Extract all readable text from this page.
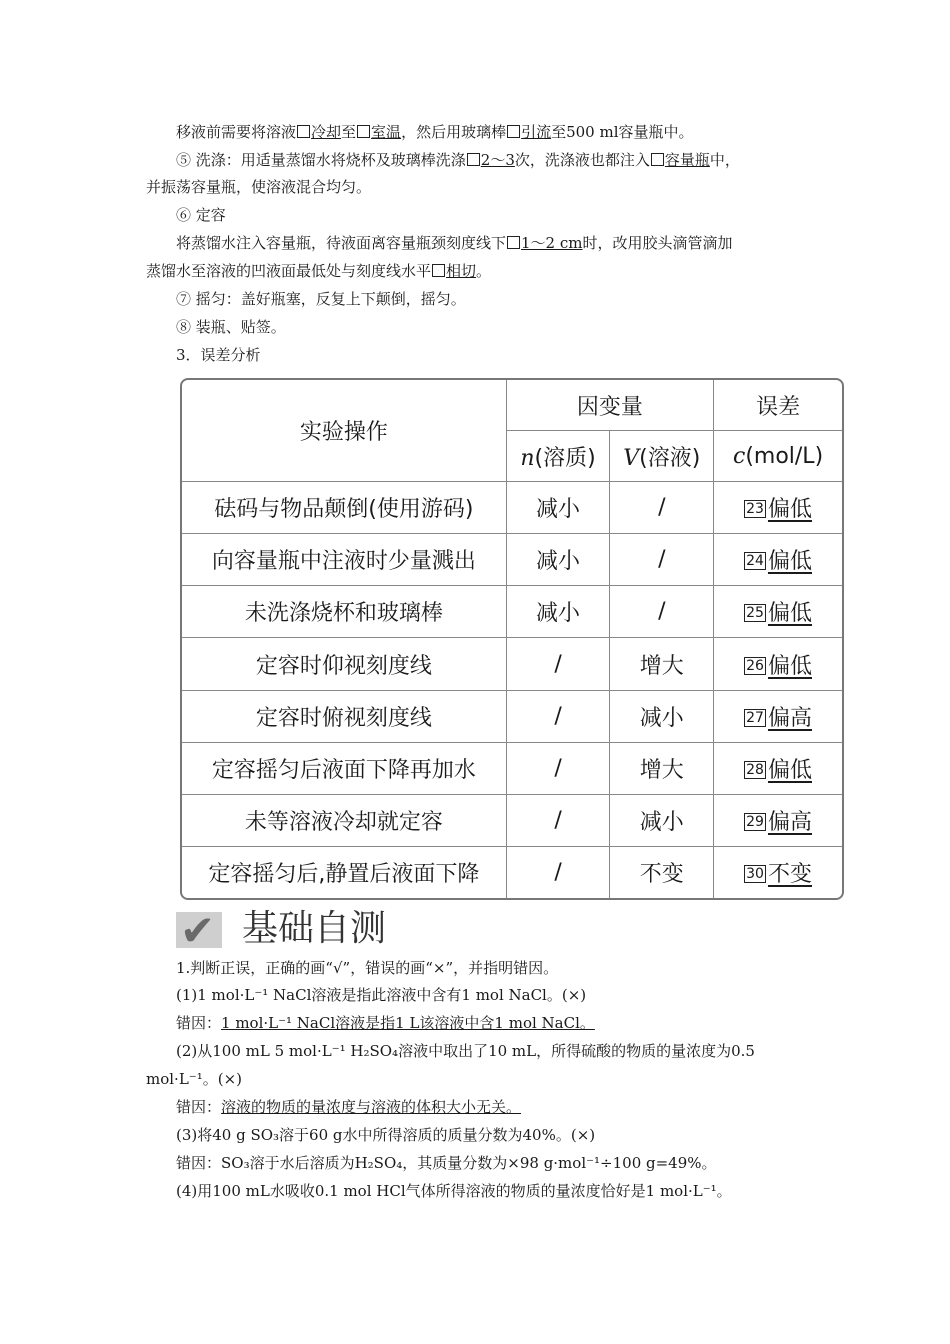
移液前需要将溶液 冷却至 室温，然后用玻璃棒 引流至500 ml容量瓶中。
⑤ 洗涤：用适量蒸馏水将烧杯及玻璃棒洗涤 2～3次，洗涤液也都注入 容量瓶中，
并振荡容量瓶，使溶液混合均匀。
⑥ 定容
将蒸馏水注入容量瓶，待液面离容量瓶颈刻度线下 1～2 cm时，改用胶头滴管滴加
蒸馏水至溶液的凹液面最低处与刻度线水平 相切。
⑦ 摇匀：盖好瓶塞，反复上下颠倒，摇匀。
⑧ 装瓶、贴签。
3．误差分析
实验操作	因变量		误差
	n(溶质)	V(溶液)	c(mol/L)
砝码与物品颠倒(使用游码)	减小	/	23 偏低
向容量瓶中注液时少量溅出	减小	/	24 偏低
未洗涤烧杯和玻璃棒	减小	/	25 偏低
定容时仰视刻度线	/	增大	26 偏低
定容时俯视刻度线	/	减小	27 偏高
定容摇匀后液面下降再加水	/	增大	28 偏低
未等溶液冷却就定容	/	减小	29 偏高
定容摇匀后,静置后液面下降	/	不变	30 不变
✔ 基础自测
1.判断正误，正确的画“√”，错误的画“×”，并指明错因。
(1)1 mol·L⁻¹ NaCl溶液是指此溶液中含有1 mol NaCl。(×)
错因：1 mol·L⁻¹ NaCl溶液是指1 L该溶液中含1 mol NaCl。
(2)从100 mL 5 mol·L⁻¹ H₂SO₄溶液中取出了10 mL，所得硫酸的物质的量浓度为0.5
mol·L⁻¹。(×)
错因：溶液的物质的量浓度与溶液的体积大小无关。
(3)将40 g SO₃溶于60 g水中所得溶质的质量分数为40%。(×)
错因：SO₃溶于水后溶质为H₂SO₄，其质量分数为×98 g·mol⁻¹÷100 g=49%。
(4)用100 mL水吸收0.1 mol HCl气体所得溶液的物质的量浓度恰好是1 mol·L⁻¹。
